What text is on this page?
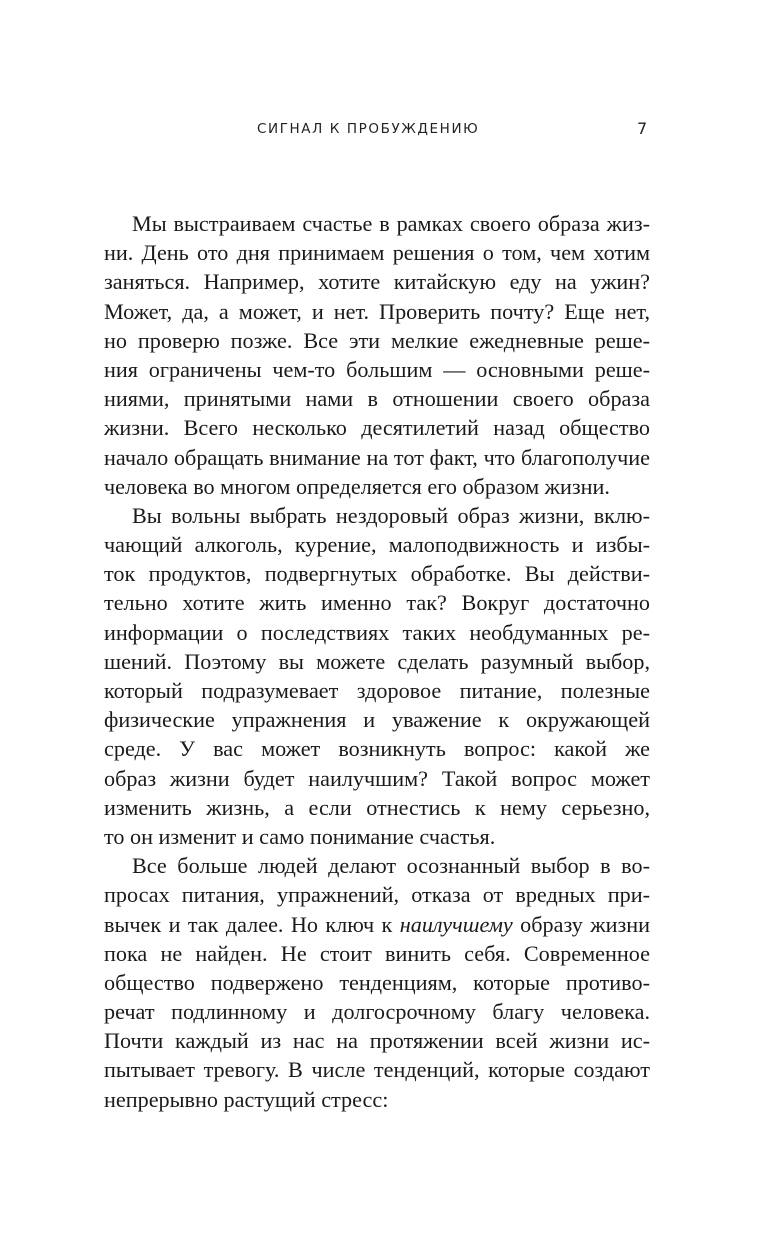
СИГНАЛ К ПРОБУЖДЕНИЮ	7
Мы выстраиваем счастье в рамках своего образа жиз-
ни. День ото дня принимаем решения о том, чем хотим
заняться. Например, хотите китайскую еду на ужин?
Может, да, а может, и нет. Проверить почту? Еще нет,
но проверю позже. Все эти мелкие ежедневные реше-
ния ограничены чем-то большим — основными реше-
ниями, принятыми нами в отношении своего образа
жизни. Всего несколько десятилетий назад общество
начало обращать внимание на тот факт, что благополучие
человека во многом определяется его образом жизни.
Вы вольны выбрать нездоровый образ жизни, вклю-
чающий алкоголь, курение, малоподвижность и избы-
ток продуктов, подвергнутых обработке. Вы действи-
тельно хотите жить именно так? Вокруг достаточно
информации о последствиях таких необдуманных ре-
шений. Поэтому вы можете сделать разумный выбор,
который подразумевает здоровое питание, полезные
физические упражнения и уважение к окружающей
среде. У вас может возникнуть вопрос: какой же
образ жизни будет наилучшим? Такой вопрос может
изменить жизнь, а если отнестись к нему серьезно,
то он изменит и само понимание счастья.
Все больше людей делают осознанный выбор в во-
просах питания, упражнений, отказа от вредных при-
вычек и так далее. Но ключ к наилучшему образу жизни
пока не найден. Не стоит винить себя. Современное
общество подвержено тенденциям, которые противо-
речат подлинному и долгосрочному благу человека.
Почти каждый из нас на протяжении всей жизни ис-
пытывает тревогу. В числе тенденций, которые создают
непрерывно растущий стресс:
